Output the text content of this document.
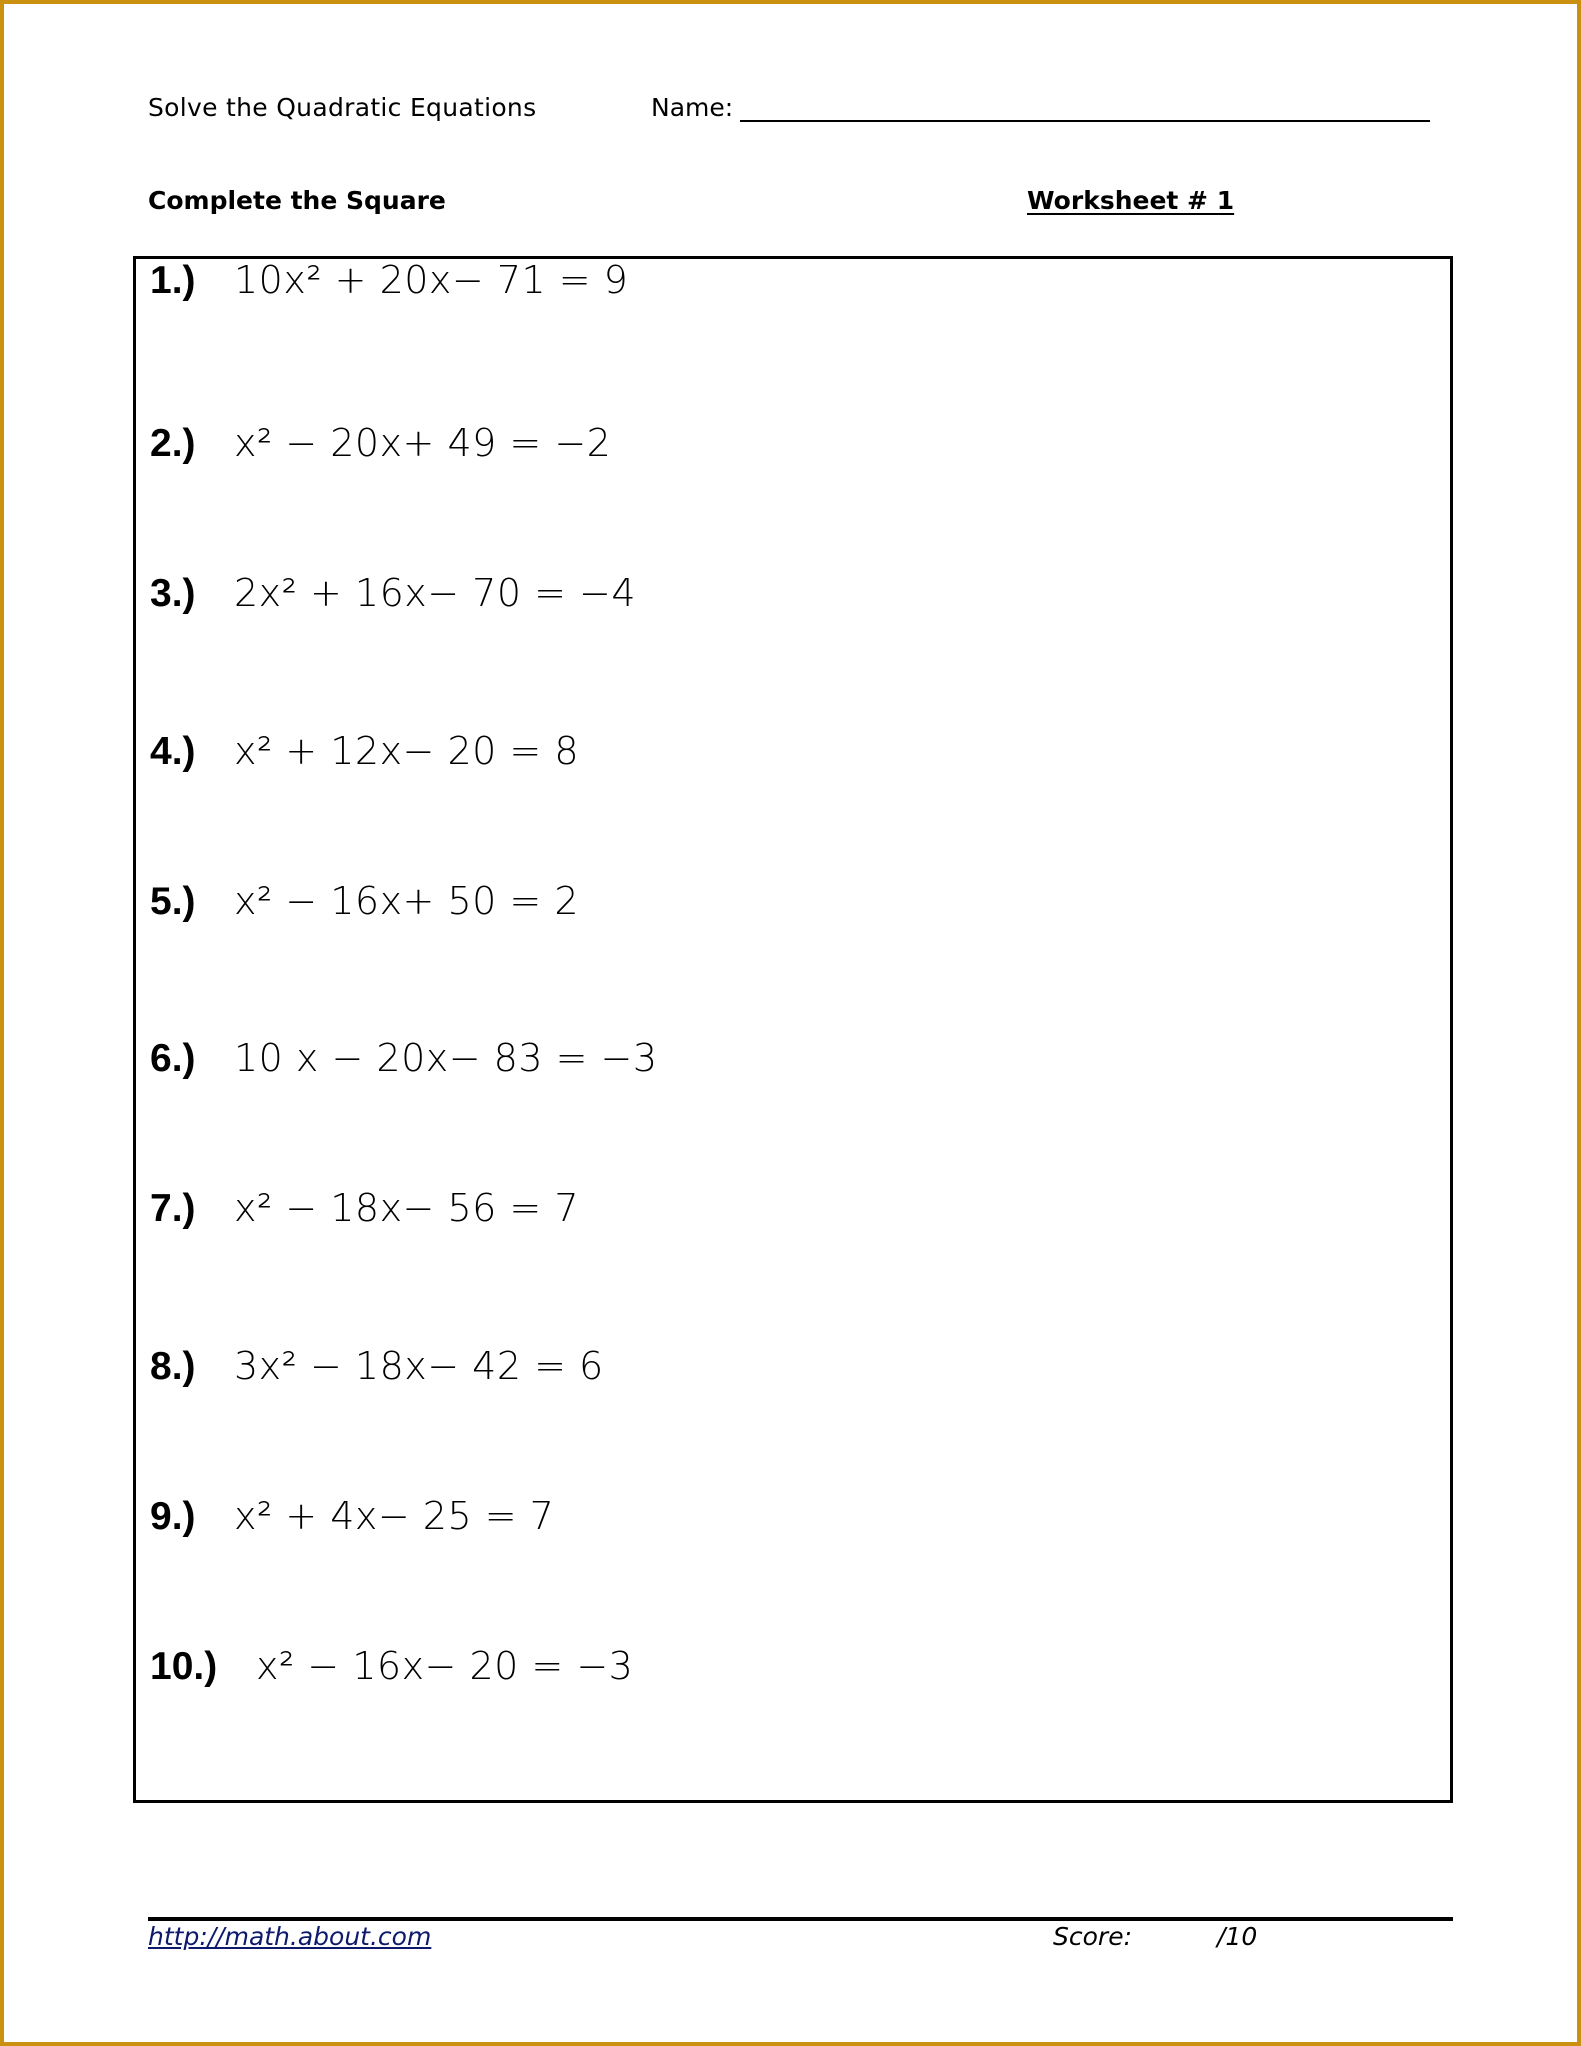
Solve the Quadratic Equations	Name:
Complete the Square	Worksheet # 1
1.)	10x² + 20x− 71 = 9
2.)	x² − 20x+ 49 = −2
3.)	2x² + 16x− 70 = −4
4.)	x² + 12x− 20 = 8
5.)	x² − 16x+ 50 = 2
6.)	10 x − 20x− 83 = −3
7.)	x² − 18x− 56 = 7
8.)	3x² − 18x− 42 = 6
9.)	x² + 4x− 25 = 7
10.)	x² − 16x− 20 = −3
http://math.about.com	Score:	/10
